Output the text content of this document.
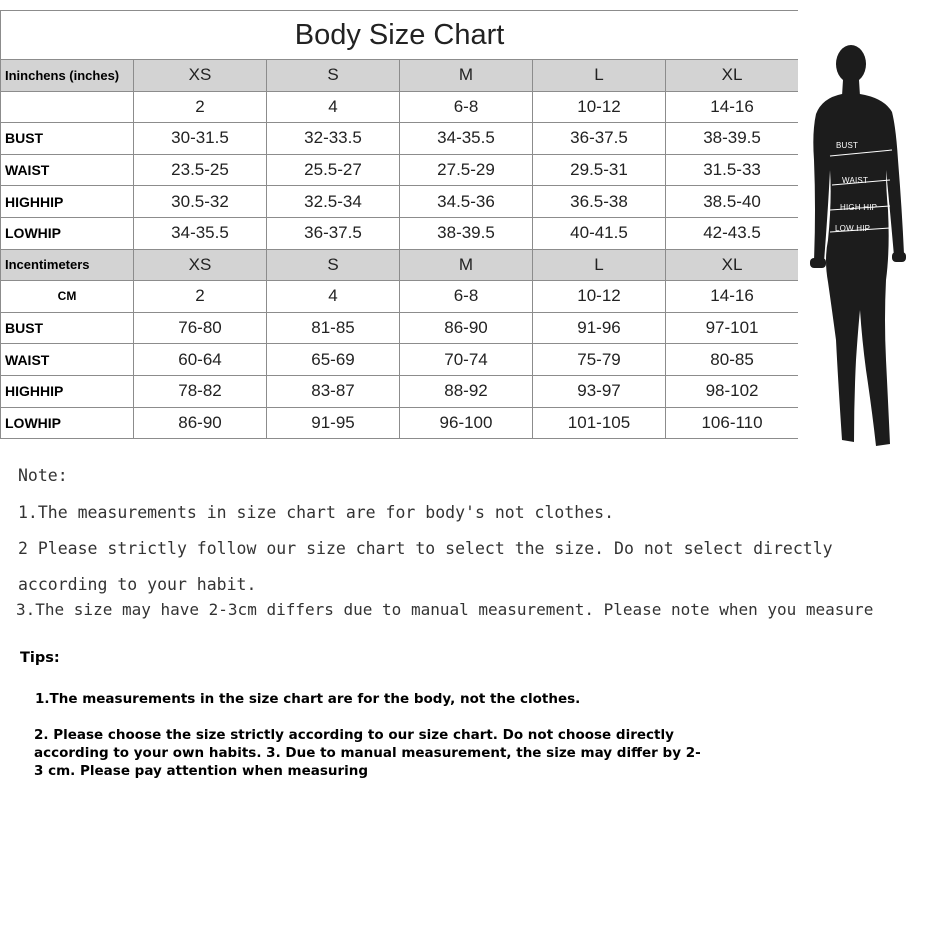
Body Size Chart					
Ininchens (inches)	XS	S	M	L	XL
	2	4	6-8	10-12	14-16
BUST	30-31.5	32-33.5	34-35.5	36-37.5	38-39.5
WAIST	23.5-25	25.5-27	27.5-29	29.5-31	31.5-33
HIGHHIP	30.5-32	32.5-34	34.5-36	36.5-38	38.5-40
LOWHIP	34-35.5	36-37.5	38-39.5	40-41.5	42-43.5
Incentimeters	XS	S	M	L	XL
CM	2	4	6-8	10-12	14-16
BUST	76-80	81-85	86-90	91-96	97-101
WAIST	60-64	65-69	70-74	75-79	80-85
HIGHHIP	78-82	83-87	88-92	93-97	98-102
LOWHIP	86-90	91-95	96-100	101-105	106-110
BUST
WAIST
HIGH HIP
LOW HIP
Note:
1.The measurements in size chart are for body's not clothes.
2 Please strictly follow our size chart to select the size. Do not select directly
according to your habit.
3.The size may have 2-3cm differs due to manual measurement. Please note when you measure
Tips:
1.The measurements in the size chart are for the body, not the clothes.
2. Please choose the size strictly according to our size chart. Do not choose directly
according to your own habits. 3. Due to manual measurement, the size may differ by 2-
3 cm. Please pay attention when measuring
